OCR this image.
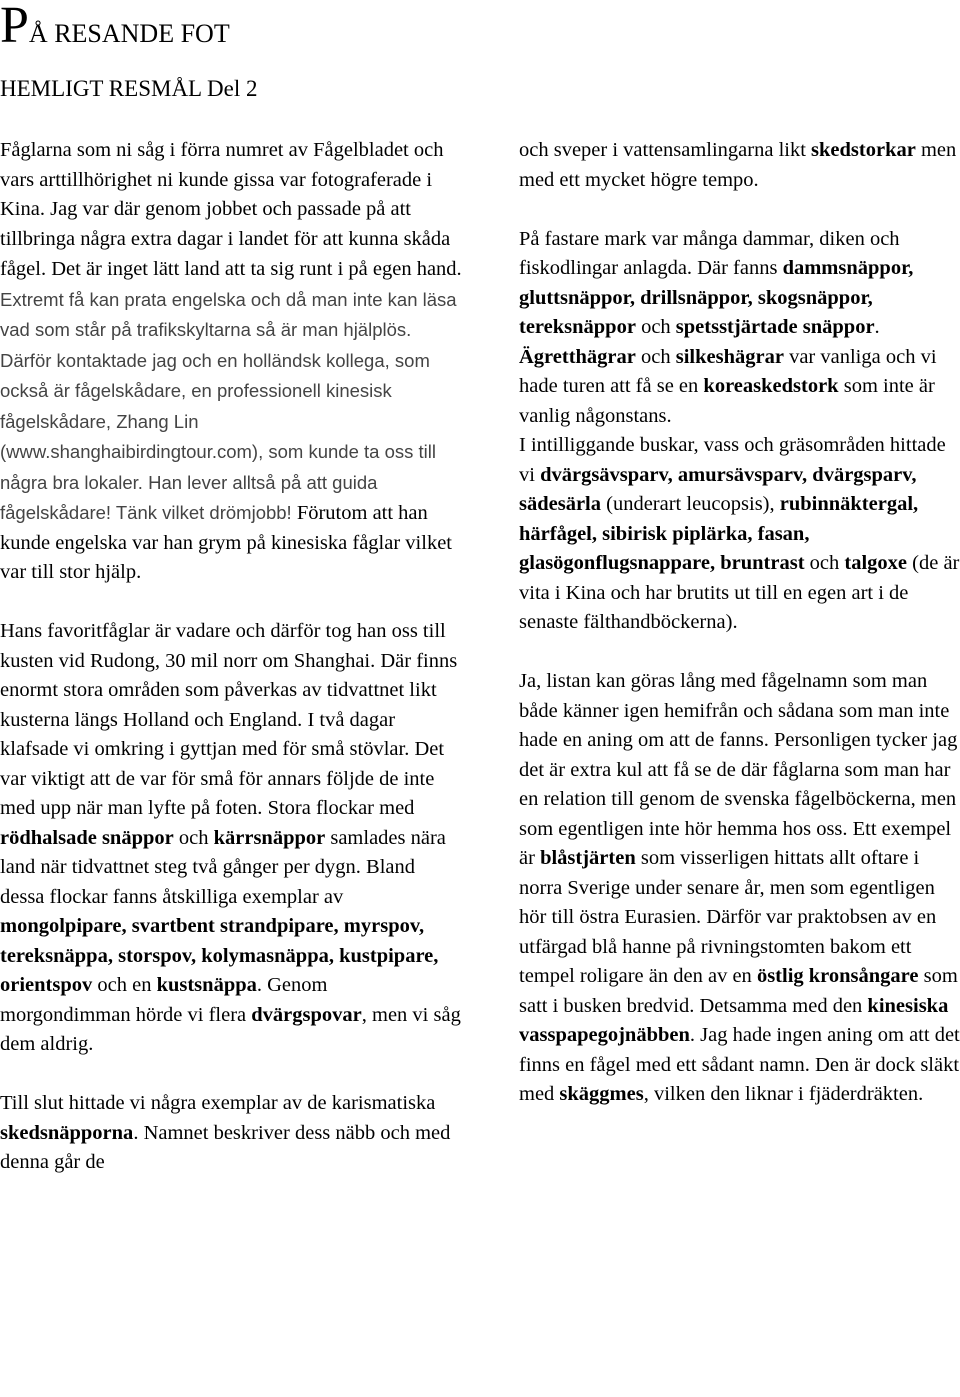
PÅ RESANDE FOT
HEMLIGT RESMÅL Del 2

Fåglarna som ni såg i förra numret av Fågelbladet och vars arttillhörighet ni kunde gissa var fotograferade i Kina. Jag var där genom jobbet och passade på att tillbringa några extra dagar i landet för att kunna skåda fågel. Det är inget lätt land att ta sig runt i på egen hand. Extremt få kan prata engelska och då man inte kan läsa vad som står på trafikskyltarna så är man hjälplös. Därför kontaktade jag och en holländsk kollega, som också är fågelskådare, en professionell kinesisk fågelskådare, Zhang Lin (www.shanghaibirdingtour.com), som kunde ta oss till några bra lokaler. Han lever alltså på att guida fågelskådare! Tänk vilket drömjobb! Förutom att han kunde engelska var han grym på kinesiska fåglar vilket var till stor hjälp.

Hans favoritfåglar är vadare och därför tog han oss till kusten vid Rudong, 30 mil norr om Shanghai. Där finns enormt stora områden som påverkas av tidvattnet likt kusterna längs Holland och England. I två dagar klafsade vi omkring i gyttjan med för små stövlar. Det var viktigt att de var för små för annars följde de inte med upp när man lyfte på foten. Stora flockar med rödhalsade snäppor och kärrsnäppor samlades nära land när tidvattnet steg två gånger per dygn. Bland dessa flockar fanns åtskilliga exemplar av mongolpipare, svartbent strandpipare, myrspov, tereksnäppa, storspov, kolymasnäppa, kustpipare, orientspov och en kustsnäppa. Genom morgondimman hörde vi flera dvärgspovar, men vi såg dem aldrig.

Till slut hittade vi några exemplar av de karismatiska skedsnäpporna. Namnet beskriver dess näbb och med denna går de

och sveper i vattensamlingarna likt skedstorkar men med ett mycket högre tempo.

På fastare mark var många dammar, diken och fiskodlingar anlagda. Där fanns dammsnäppor, gluttsnäppor, drillsnäppor, skogsnäppor, tereksnäppor och spetsstjärtade snäppor. Ägretthägrar och silkeshägrar var vanliga och vi hade turen att få se en koreaskedstork som inte är vanlig någonstans.

I intilliggande buskar, vass och gräsområden hittade vi dvärgsävsparv, amursävsparv, dvärgsparv, sädesärla (underart leucopsis), rubinnäktergal, härfågel, sibirisk piplärka, fasan, glasögonflugsnappare, bruntrast och talgoxe (de är vita i Kina och har brutits ut till en egen art i de senaste fälthandböckerna).

Ja, listan kan göras lång med fågelnamn som man både känner igen hemifrån och sådana som man inte hade en aning om att de fanns. Personligen tycker jag det är extra kul att få se de där fåglarna som man har en relation till genom de svenska fågelböckerna, men som egentligen inte hör hemma hos oss. Ett exempel är blåstjärten som visserligen hittats allt oftare i norra Sverige under senare år, men som egentligen hör till östra Eurasien. Därför var praktobsen av en utfärgad blå hanne på rivningstomten bakom ett tempel roligare än den av en östlig kronsångare som satt i busken bredvid. Detsamma med den kinesiska vasspapegojnäbben. Jag hade ingen aning om att det finns en fågel med ett sådant namn. Den är dock släkt med skäggmes, vilken den liknar i fjäderdräkten.
